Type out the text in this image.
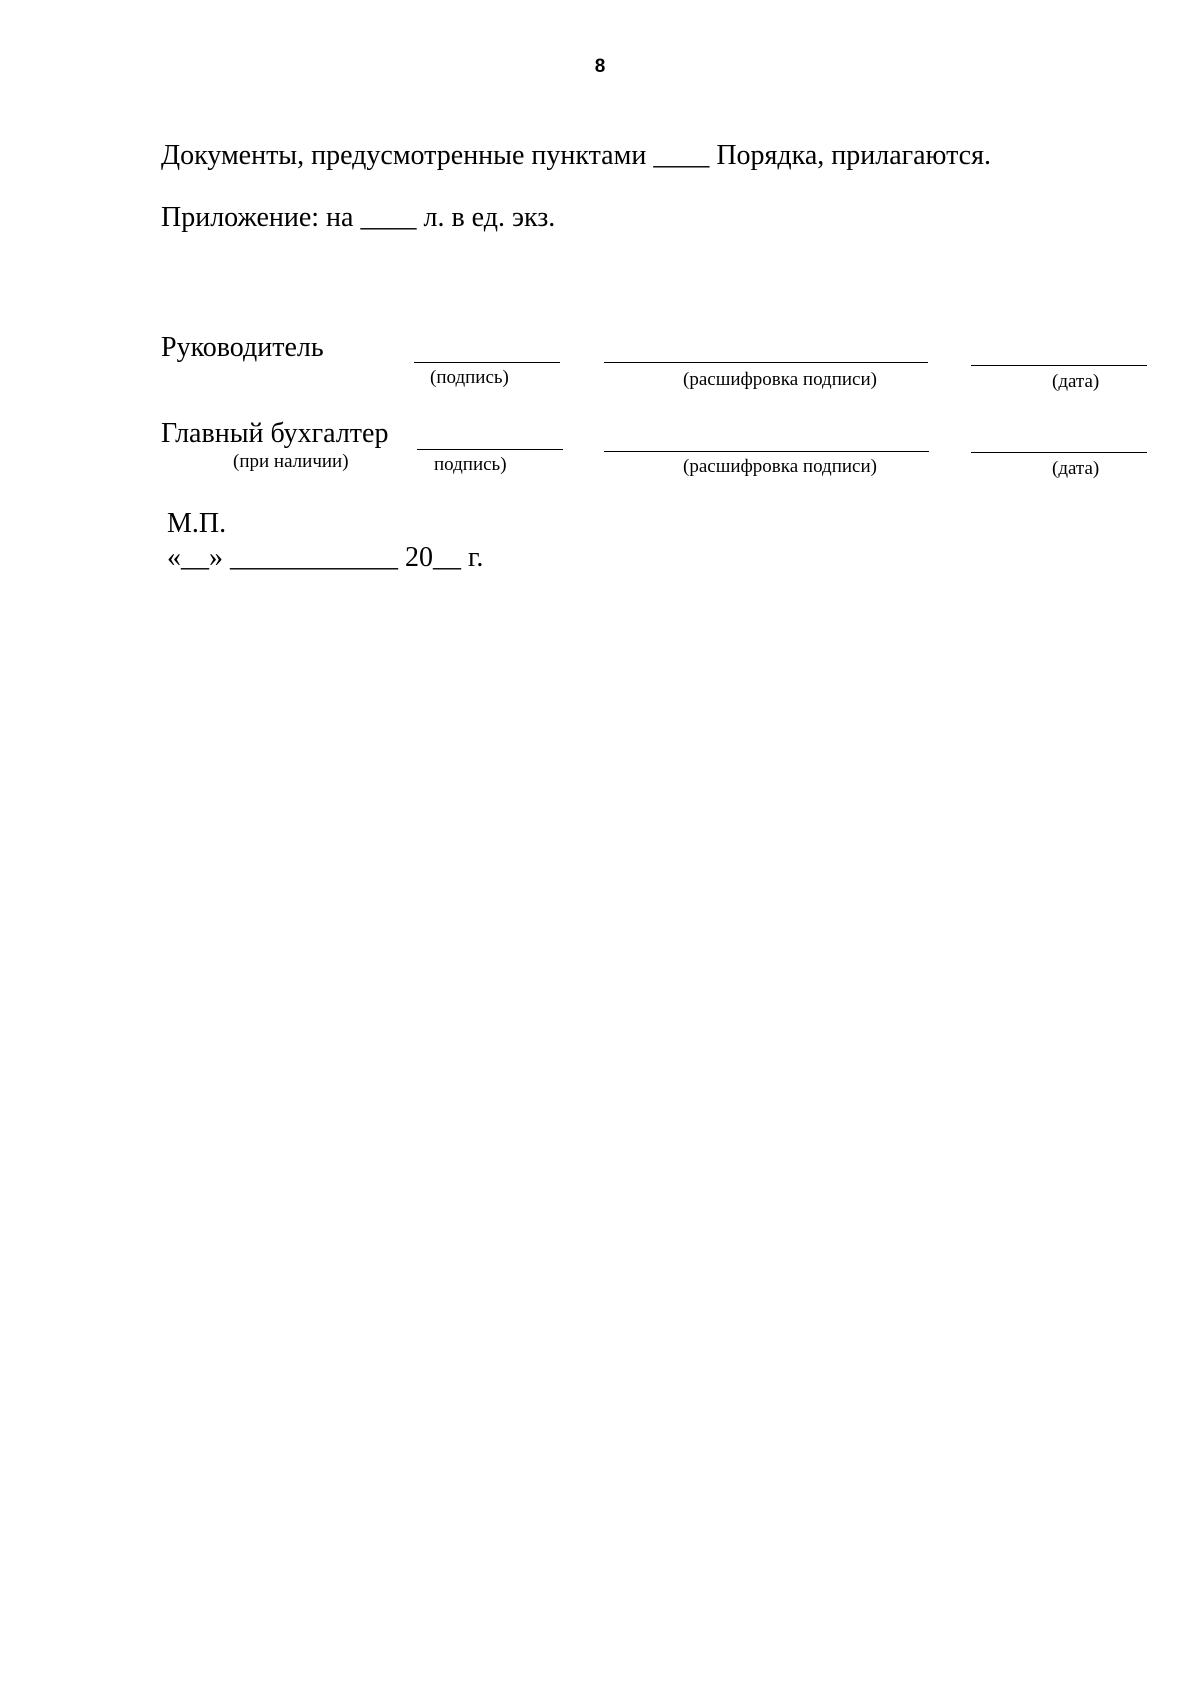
8
Документы, предусмотренные пунктами ____ Порядка, прилагаются.
Приложение: на ____ л. в ед. экз.
Руководитель
(подпись)	(расшифровка подписи)	(дата)
Главный бухгалтер
(при наличии)	подпись)	(расшифровка подписи)	(дата)
М.П.
«__» ____________ 20__ г.
